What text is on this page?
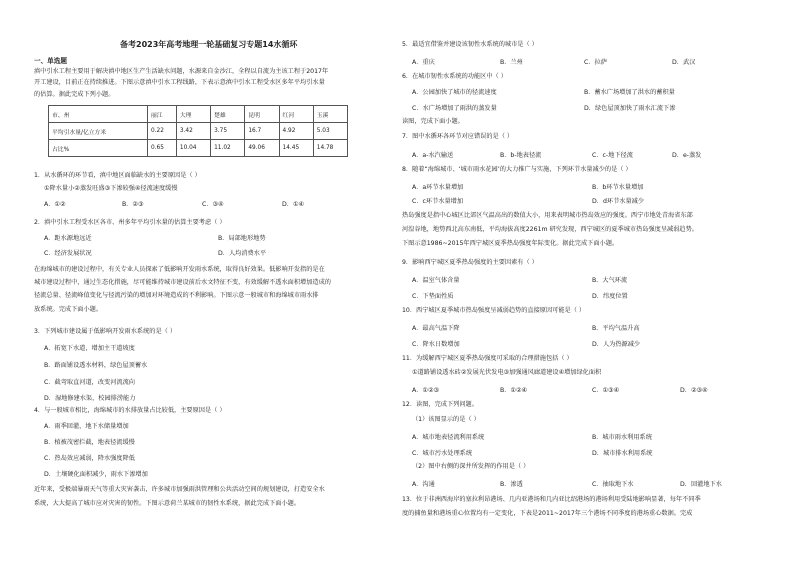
备考2023年高考地理一轮基础复习专题14水循环
一、单选题
滇中引水工程主要用于解决滇中地区生产生活缺水问题，水源来自金沙江，全程以自流为主该工程于2017年
开工建设，目前正在持续推进。下图示意滇中引水工程线路，下表示意滇中引水工程受水区多年平均引水量
的估算。据此完成下列小题。
市、州	丽江	大理	楚雄	昆明	红河	玉溪
平均引水量/亿立方米	0.22	3.42	3.75	16.7	4.92	5.03
占比%	0.65	10.04	11.02	49.06	14.45	14.78
1．从水循环的环节看，滇中地区面临缺水的主要原因是（ ）
①降水量小②蒸发旺盛③下渗较强④径流速度缓慢
A．①②	B．②③	C．③④	D．①④
2．滇中引水工程受水区各市、州多年平均引水量的估算主要考虑（ ）
A．距水源地远近	B．局部地形地势
C．经济发展状况	D．人均消费水平
在海绵城市的建设过程中，有关专业人员探索了低影响开发雨水系统，取得良好效果。低影响开发指的是在
城市建设过程中，通过生态化措施，尽可能维持城市建设前后水文特征不变，有效缓解不透水面积增加造成的
径流总量、径流峰值变化与径流污染的增加对环境造成的不利影响。下图示意一般城市和海绵城市雨水排
放系统。完成下面小题。
3．下列城市建设属于低影响开发雨水系统的是（ ）
A．拓宽下水道，增加主干道坡度
B．路面铺设透水材料，绿色屋顶蓄水
C．截弯取直河道，改变河流流向
D．湿地修建水渠，校园排涝能力
4．与一般城市相比，海绵城市的水排放量占比较低，主要原因是（ ）
A．雨季回灌，地下水储量增加
B．植被茂密拦截，地表径流缓慢
C．热岛效应减弱，降水强度降低
D．土壤硬化面积减少，雨水下渗增加
近年来，受极端暴雨天气等重大灾害袭击，许多城市加强雨洪管理和公共活动空间的规划建设，打造安全水
系统，大大提高了城市应对灾害的韧性。下图示意荷兰某城市的韧性水系统，据此完成下面小题。
5．最适宜借鉴并建设该韧性水系统的城市是（ ）
A．重庆	B．兰州	C．拉萨	D．武汉
6．在城市韧性水系统的功能区中（ ）
A．公园加快了城市的径流速度	B．蓄水广场增加了洪水的蓄积量
C．水广场增加了雨洪的蒸发量	D．绿色屋顶加快了雨水汇流下渗
读图，完成下面小题。
7．图中水循环各环节对应错误的是（ ）
A．a-水汽输送	B．b-地表径流	C．c-地下径流	D．e-蒸发
8．随着“海绵城市、‘城市雨水花园’的大力推广与实施，下列环节水量减少的是（ ）
A．a环节水量增加	B．b环节水量增加
C．c环节水量增加	D．d环节水量减少
热岛强度是指中心城区比郊区气温高出的数值大小，用来表明城市热岛效应的强度。西宁市地处青海省东部
河湟谷地，地势西北高东南低，平均海拔高度2261m 研究发现，西宁城区的夏季城市热岛强度呈减弱趋势。
下图示意1986~2015年西宁城区夏季热岛强度年际变化。据此完成下面小题。
9．影响西宁城区夏季热岛强度的主要因素有（ ）
A．温室气体含量	B．大气环流
C．下垫面性质	D．纬度位置
10．西宁城区夏季城市热岛强度呈减弱趋势的直接原因可能是（ ）
A．最高气温下降	B．平均气温升高
C．降水日数增加	D．人为热源减少
11．为缓解西宁城区夏季热岛强度可采取的合理措施包括（ ）
①道路铺设透水砖②发展光伏发电③加强通风廊道建设④增加绿化面积
A．①②③	B．①②④	C．①③④	D．②③④
12．读图，完成下列问题。
（1）该图显示的是（ ）
A．城市地表径流利用系统	B．城市雨水利用系统
C．城市污水处理系统	D．城市排水利用系统
（2）图中右侧的深井所发挥的作用是（ ）
A．沟通	B．渗透	C．抽取地下水	D．回灌地下水
13．位于非洲西海岸的塞拉利昂港场、几内亚港场和几内亚比绍港场的港场利用受陆地影响显著，每年不同季
度的捕鱼量和港场重心位置均有一定变化，下表是2011~2017年三个港场不同季度的港场重心数据。完成
